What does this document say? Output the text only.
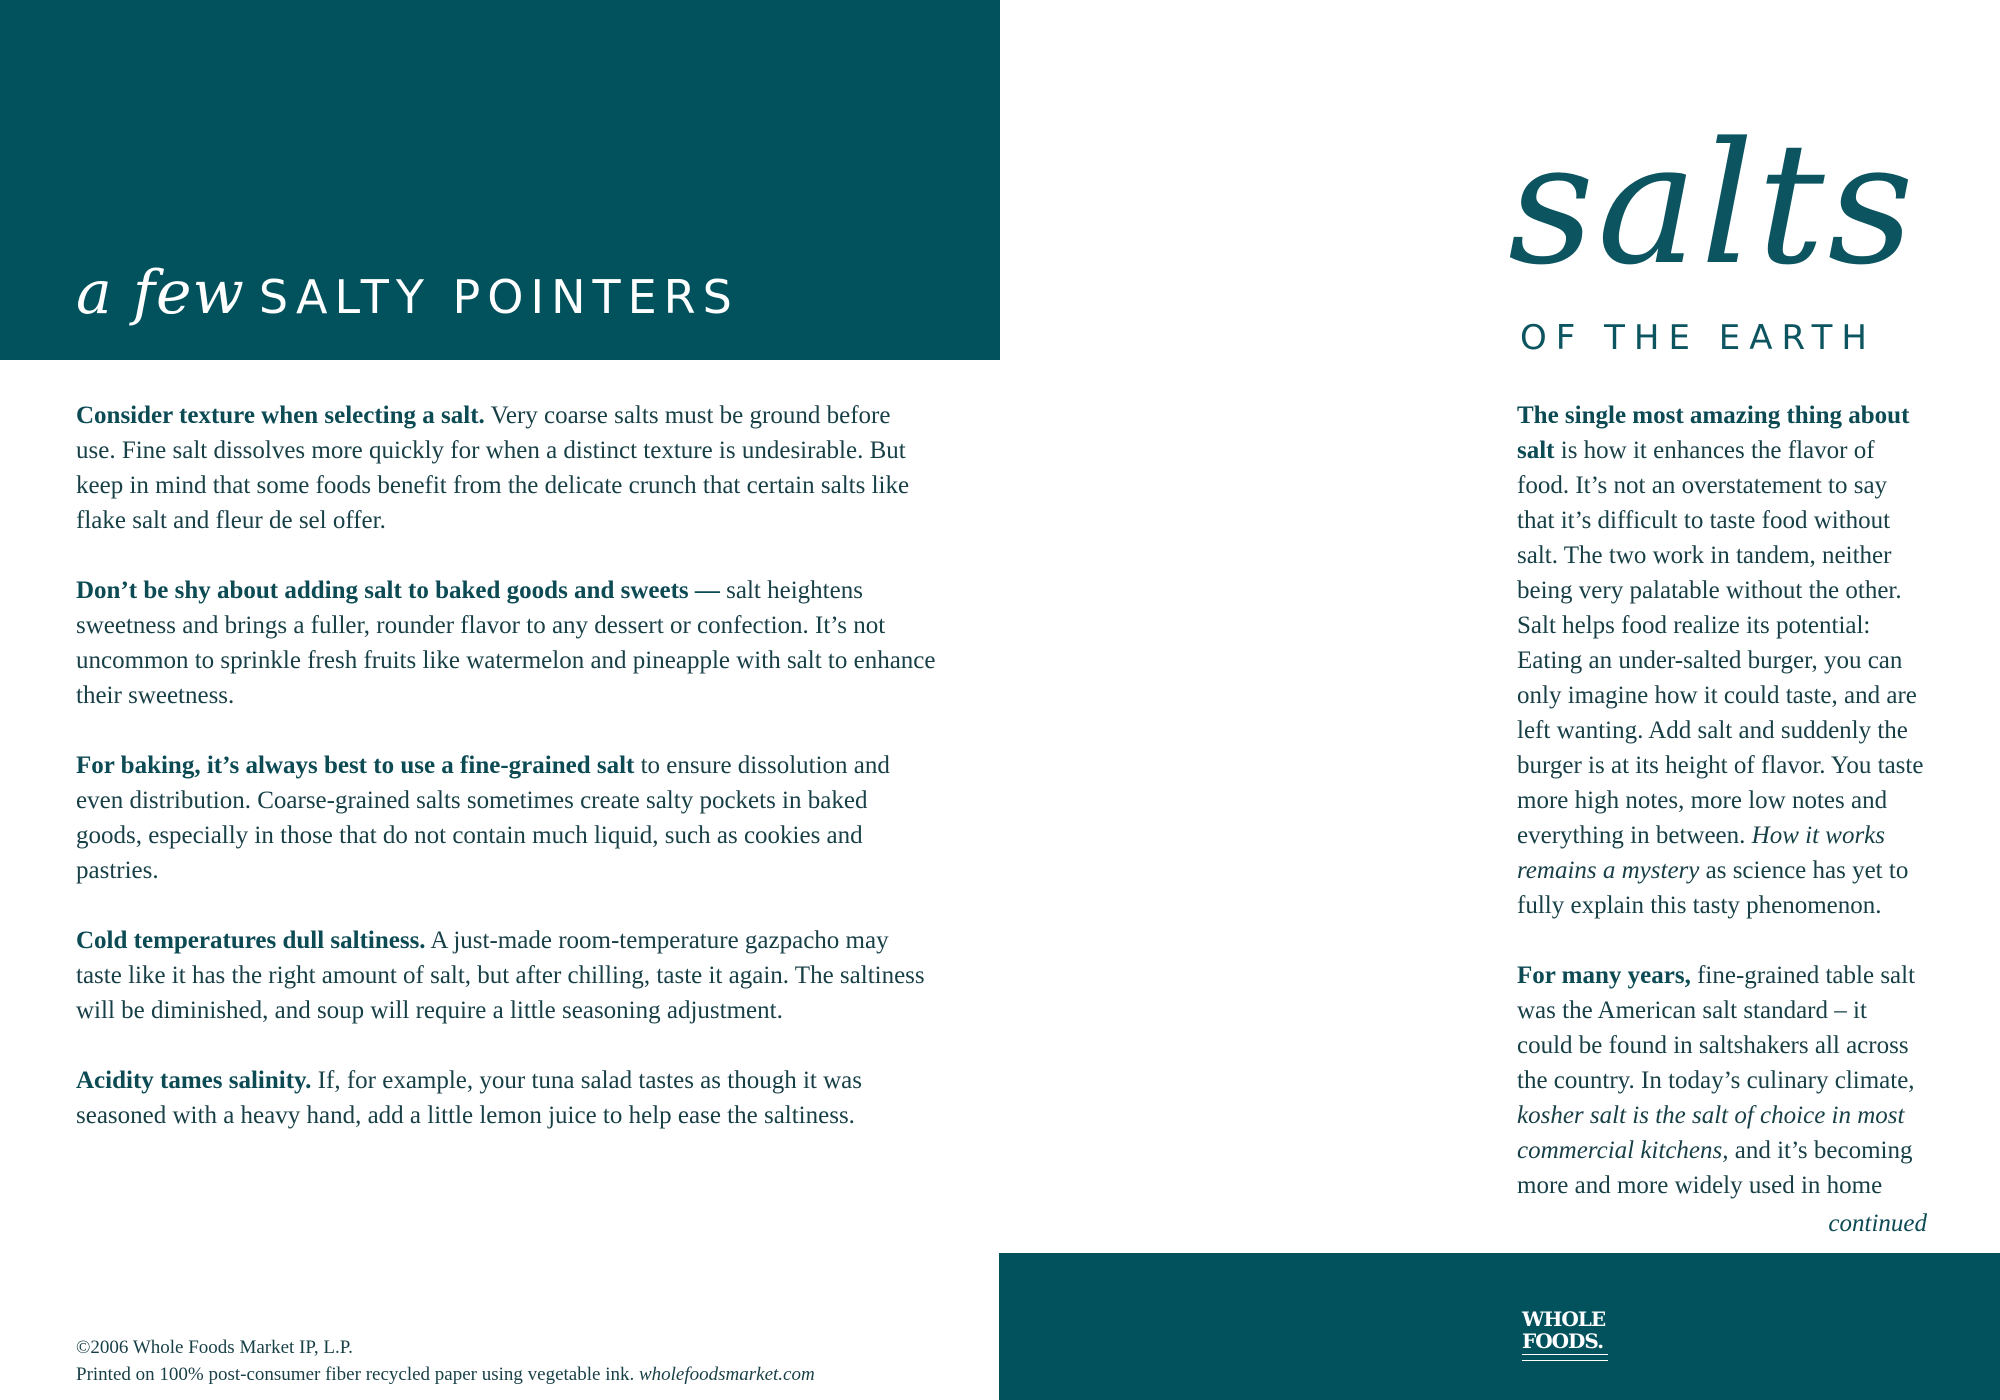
a few SALTY POINTERS	salts
OF THE EARTH

Consider texture when selecting a salt. Very coarse salts must be ground before use. Fine salt dissolves more quickly for when a distinct texture is undesirable. But keep in mind that some foods benefit from the delicate crunch that certain salts like flake salt and fleur de sel offer.

Don’t be shy about adding salt to baked goods and sweets — salt heightens sweetness and brings a fuller, rounder flavor to any dessert or confection. It’s not uncommon to sprinkle fresh fruits like watermelon and pineapple with salt to enhance their sweetness.

For baking, it’s always best to use a fine-grained salt to ensure dissolution and even distribution. Coarse-grained salts sometimes create salty pockets in baked goods, especially in those that do not contain much liquid, such as cookies and pastries.

Cold temperatures dull saltiness. A just-made room-temperature gazpacho may taste like it has the right amount of salt, but after chilling, taste it again. The saltiness will be diminished, and soup will require a little seasoning adjustment.

Acidity tames salinity. If, for example, your tuna salad tastes as though it was seasoned with a heavy hand, add a little lemon juice to help ease the saltiness.

The single most amazing thing about salt is how it enhances the flavor of food. It’s not an overstatement to say that it’s difficult to taste food without salt. The two work in tandem, neither being very palatable without the other. Salt helps food realize its potential: Eating an under-salted burger, you can only imagine how it could taste, and are left wanting. Add salt and suddenly the burger is at its height of flavor. You taste more high notes, more low notes and everything in between. How it works remains a mystery as science has yet to fully explain this tasty phenomenon.

For many years, fine-grained table salt was the American salt standard – it could be found in saltshakers all across the country. In today’s culinary climate, kosher salt is the salt of choice in most commercial kitchens, and it’s becoming more and more widely used in home

continued
©2006 Whole Foods Market IP, L.P.
Printed on 100% post-consumer fiber recycled paper using vegetable ink. wholefoodsmarket.com
WHOLE
FOODS.
